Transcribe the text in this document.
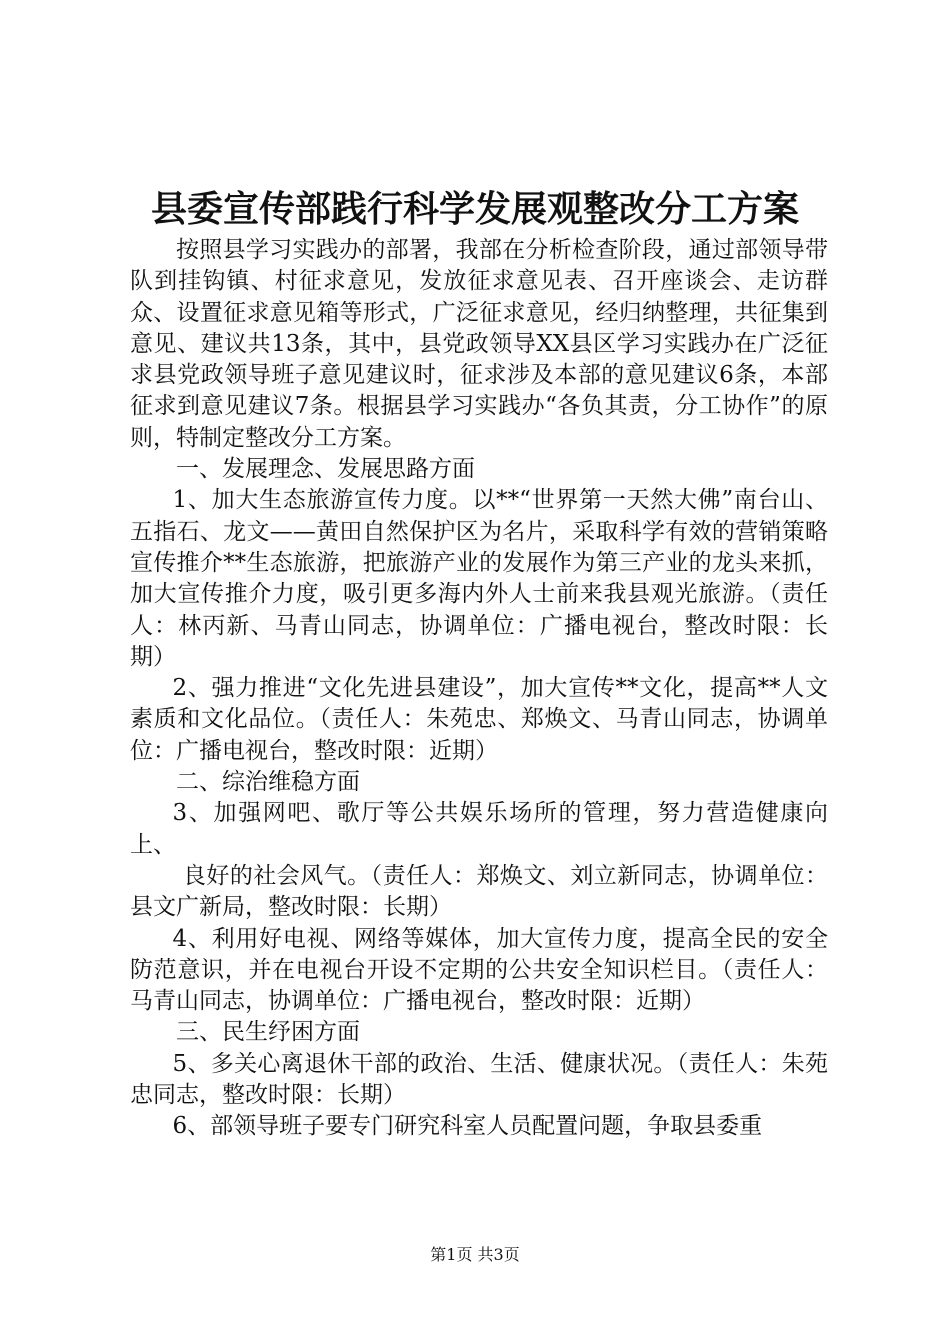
县委宣传部践行科学发展观整改分工方案

按照县学习实践办的部署，我部在分析检查阶段，通过部领导带队到挂钩镇、村征求意见，发放征求意见表、召开座谈会、走访群众、设置征求意见箱等形式，广泛征求意见，经归纳整理，共征集到意见、建议共13条，其中，县党政领导XX县区学习实践办在广泛征求县党政领导班子意见建议时，征求涉及本部的意见建议6条，本部征求到意见建议7条。根据县学习实践办“各负其责，分工协作”的原则，特制定整改分工方案。

一、发展理念、发展思路方面

1、加大生态旅游宣传力度。以**“世界第一天然大佛”南台山、五指石、龙文——黄田自然保护区为名片，采取科学有效的营销策略宣传推介**生态旅游，把旅游产业的发展作为第三产业的龙头来抓，加大宣传推介力度，吸引更多海内外人士前来我县观光旅游。（责任人：林丙新、马青山同志，协调单位：广播电视台，整改时限：长期）

2、强力推进“文化先进县建设”，加大宣传**文化，提高**人文素质和文化品位。（责任人：朱苑忠、郑焕文、马青山同志，协调单位：广播电视台，整改时限：近期）

二、综治维稳方面

3、加强网吧、歌厅等公共娱乐场所的管理，努力营造健康向上、

良好的社会风气。（责任人：郑焕文、刘立新同志，协调单位：县文广新局，整改时限：长期）

4、利用好电视、网络等媒体，加大宣传力度，提高全民的安全防范意识，并在电视台开设不定期的公共安全知识栏目。（责任人：马青山同志，协调单位：广播电视台，整改时限：近期）

三、民生纾困方面

5、多关心离退休干部的政治、生活、健康状况。（责任人：朱苑忠同志，整改时限：长期）

6、部领导班子要专门研究科室人员配置问题，争取县委重

第1页 共3页
